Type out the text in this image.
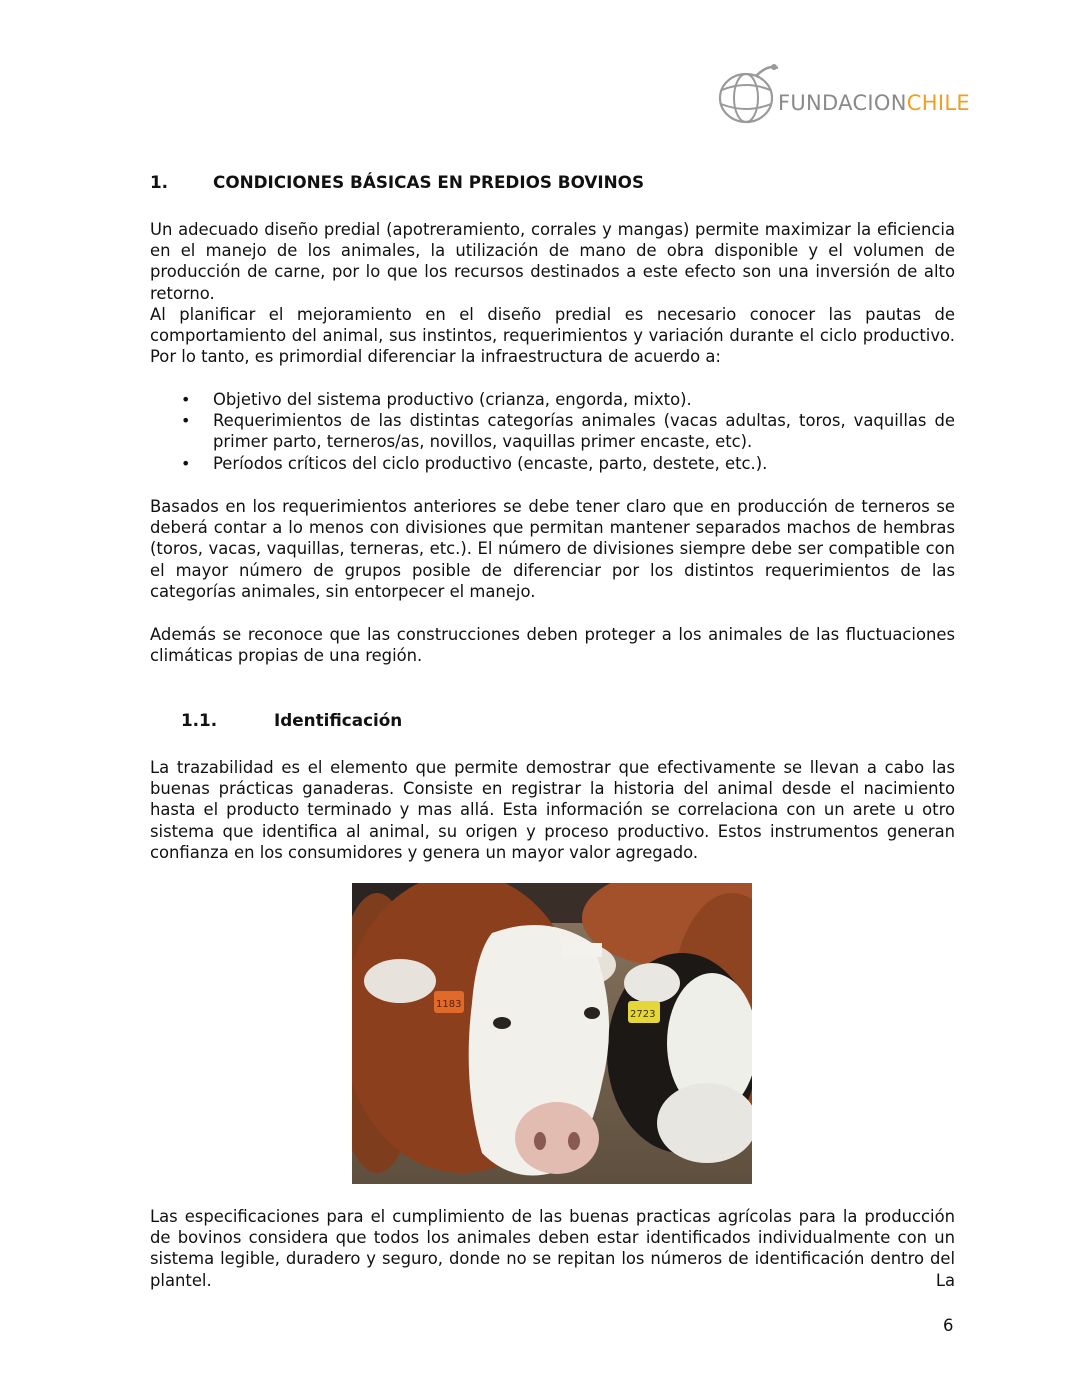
FUNDACIONCHILE
1.	CONDICIONES BÁSICAS EN PREDIOS BOVINOS

Un adecuado diseño predial (apotreramiento, corrales y mangas) permite maximizar la eficiencia en el manejo de los animales, la utilización de mano de obra disponible y el volumen de producción de carne, por lo que los recursos destinados a este efecto son una inversión de alto retorno.

Al planificar el mejoramiento en el diseño predial es necesario conocer las pautas de comportamiento del animal, sus instintos, requerimientos y variación durante el ciclo productivo. Por lo tanto, es primordial diferenciar la infraestructura de acuerdo a:

• Objetivo del sistema productivo (crianza, engorda, mixto).
• Requerimientos de las distintas categorías animales (vacas adultas, toros, vaquillas de primer parto, terneros/as, novillos, vaquillas primer encaste, etc).
• Períodos críticos del ciclo productivo (encaste, parto, destete, etc.).

Basados en los requerimientos anteriores se debe tener claro que en producción de terneros se deberá contar a lo menos con divisiones que permitan mantener separados machos de hembras (toros, vacas, vaquillas, terneras, etc.). El número de divisiones siempre debe ser compatible con el mayor número de grupos posible de diferenciar por los distintos requerimientos de las categorías animales, sin entorpecer el manejo.

Además se reconoce que las construcciones deben proteger a los animales de las fluctuaciones climáticas propias de una región.

1.1.	Identificación

La trazabilidad es el elemento que permite demostrar que efectivamente se llevan a cabo las buenas prácticas ganaderas. Consiste en registrar la historia del animal desde el nacimiento hasta el producto terminado y mas allá. Esta información se correlaciona con un arete u otro sistema que identifica al animal, su origen y proceso productivo. Estos instrumentos generan confianza en los consumidores y genera un mayor valor agregado.

1183
2723

Las especificaciones para el cumplimiento de las buenas practicas agrícolas para la producción de bovinos considera que todos los animales deben estar identificados individualmente con un sistema legible, duradero y seguro, donde no se repitan los números de identificación dentro del plantel. La

6
